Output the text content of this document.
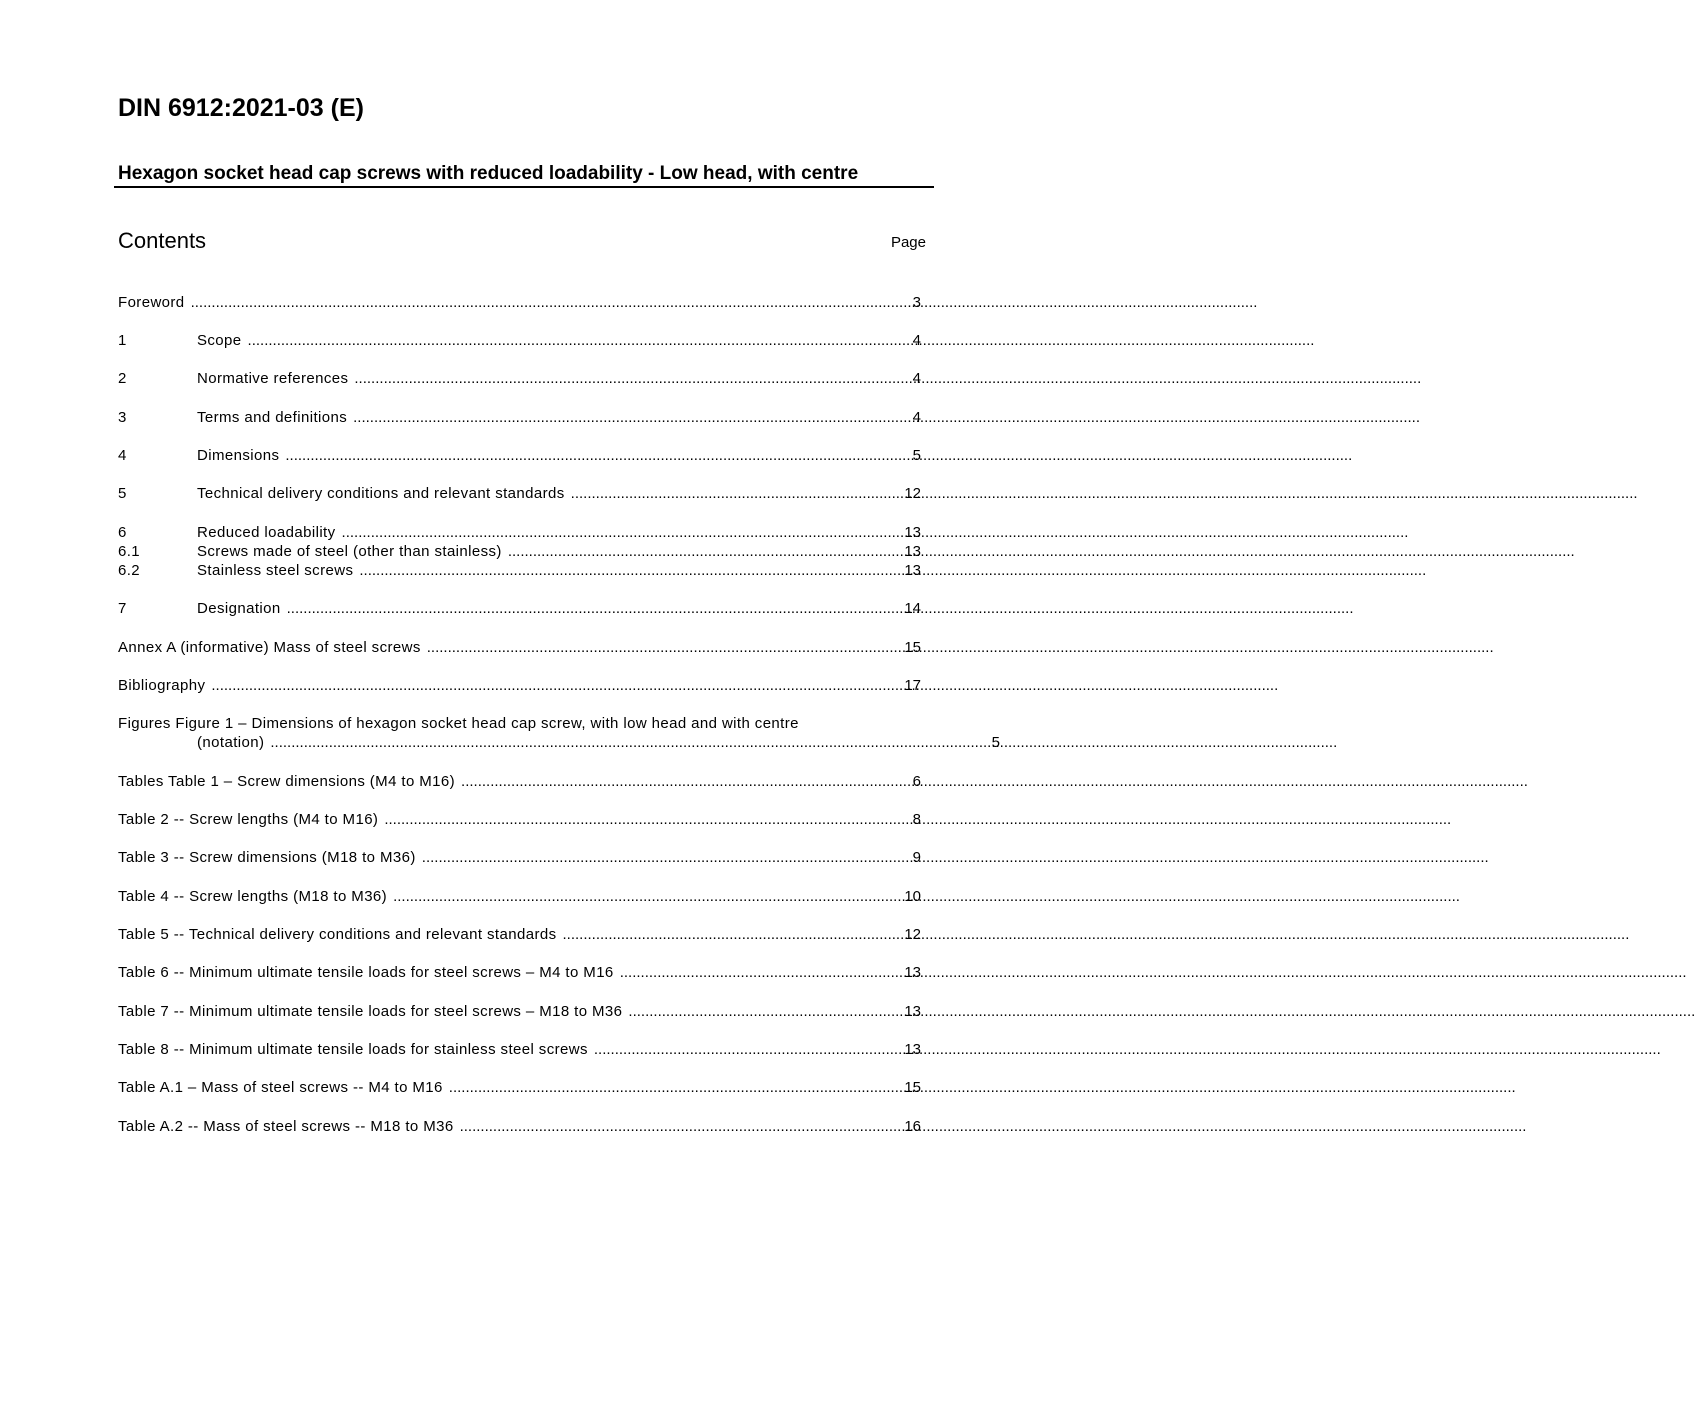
DIN 6912:2021-03 (E)
Hexagon socket head cap screws with reduced loadability - Low head, with centre
Contents	Page
Foreword .....	3
1	Scope .....	4
2	Normative references .....	4
3	Terms and definitions .....	4
4	Dimensions .....	5
5	Technical delivery conditions and relevant standards .....	12
6	Reduced loadability .....	13
6.1	Screws made of steel (other than stainless) .....	13
6.2	Stainless steel screws .....	13
7	Designation .....	14
Annex A (informative) Mass of steel screws .....	15
Bibliography .....	17
Figures Figure 1 – Dimensions of hexagon socket head cap screw, with low head and with centre
(notation) .....	5
Tables Table 1 – Screw dimensions (M4 to M16) .....	6
Table 2 -- Screw lengths (M4 to M16) .....	8
Table 3 -- Screw dimensions (M18 to M36) .....	9
Table 4 -- Screw lengths (M18 to M36) .....	10
Table 5 -- Technical delivery conditions and relevant standards .....	12
Table 6 -- Minimum ultimate tensile loads for steel screws – M4 to M16 .....	13
Table 7 -- Minimum ultimate tensile loads for steel screws – M18 to M36 .....	13
Table 8 -- Minimum ultimate tensile loads for stainless steel screws .....	13
Table A.1 – Mass of steel screws -- M4 to M16 .....	15
Table A.2 -- Mass of steel screws -- M18 to M36 .....	16
